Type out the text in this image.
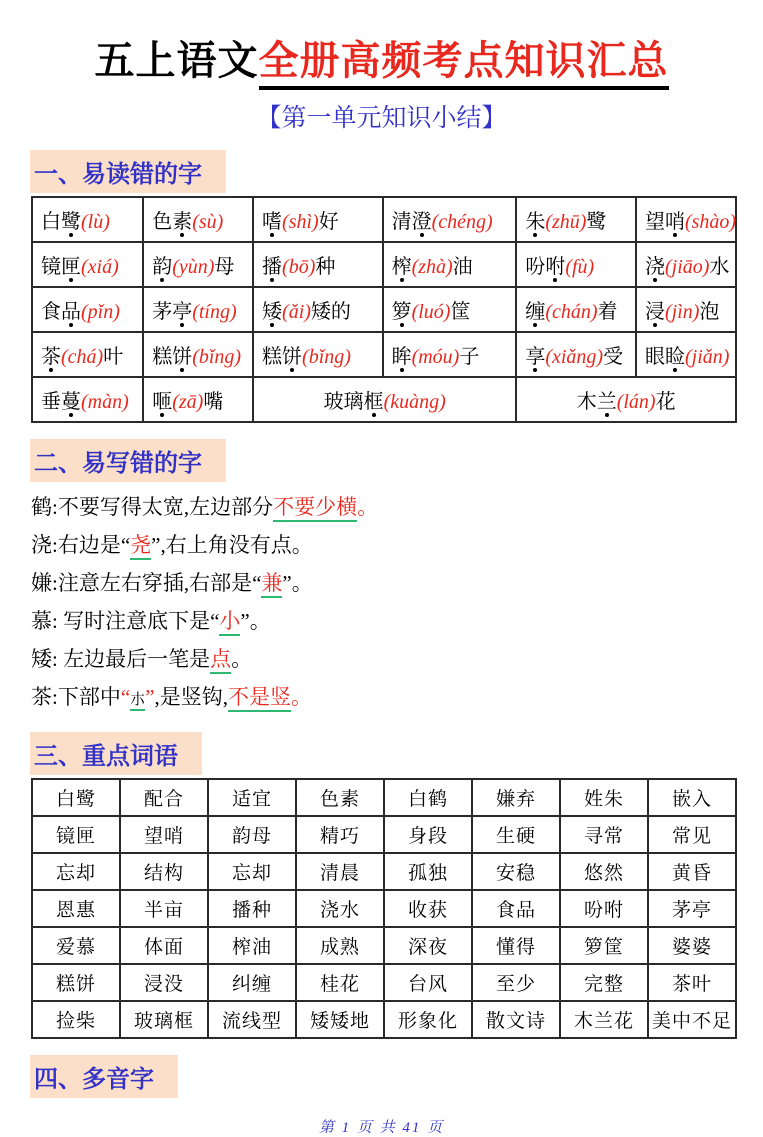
五上语文全册高频考点知识汇总
【第一单元知识小结】
一、易读错的字
白鹭(lù)	色素(sù)	嗜(shì)好	清澄(chéng)	朱(zhū)鹭	望哨(shào)
镜匣(xiá)	韵(yùn)母	播(bō)种	榨(zhà)油	吩咐(fù)	浇(jiāo)水
食品(pǐn)	茅亭(tíng)	矮(ǎi)矮的	箩(luó)筐	缠(chán)着	浸(jìn)泡
茶(chá)叶	糕饼(bǐng)	糕饼(bǐng)	眸(móu)子	享(xiǎng)受	眼睑(jiǎn)
垂蔓(màn)	咂(zā)嘴	玻璃框(kuàng)		木兰(lán)花	
二、易写错的字
鹤:不要写得太宽,左边部分不要少横。
浇:右边是“尧”,右上角没有点。
嫌:注意左右穿插,右部是“兼”。
慕: 写时注意底下是“小”。
矮: 左边最后一笔是点。
茶:下部中“朩”,是竖钩,不是竖。
三、重点词语
白鹭	配合	适宜	色素	白鹤	嫌弃	姓朱	嵌入
镜匣	望哨	韵母	精巧	身段	生硬	寻常	常见
忘却	结构	忘却	清晨	孤独	安稳	悠然	黄昏
恩惠	半亩	播种	浇水	收获	食品	吩咐	茅亭
爱慕	体面	榨油	成熟	深夜	懂得	箩筐	婆婆
糕饼	浸没	纠缠	桂花	台风	至少	完整	茶叶
捡柴	玻璃框	流线型	矮矮地	形象化	散文诗	木兰花	美中不足
四、多音字
第 1 页 共 41 页
